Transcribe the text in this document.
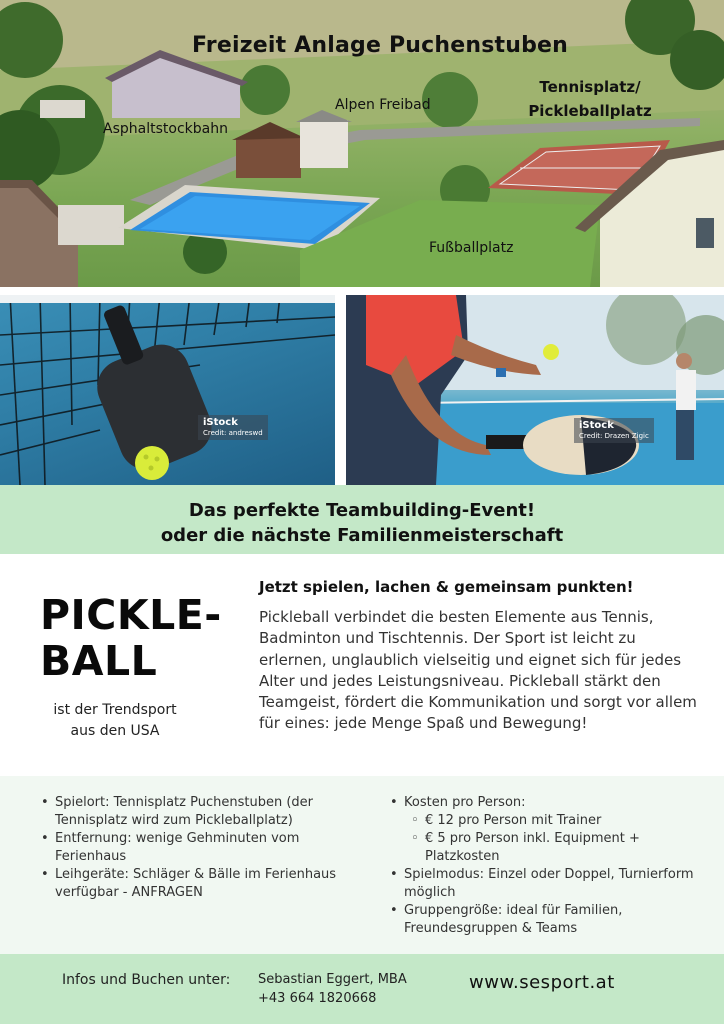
Freizeit Anlage Puchenstuben
Asphaltstockbahn
Alpen Freibad
Tennisplatz/
Pickleballplatz
Fußballplatz
iStock
Credit: andreswd
iStock
Credit: Drazen Zigic

Das perfekte Teambuilding-Event!

oder die nächste Familienmeisterschaft

PICKLE-
BALL
ist der Trendsport
aus den USA
Jetzt spielen, lachen & gemeinsam punkten!
Pickleball verbindet die besten Elemente aus Tennis, Badminton und Tischtennis. Der Sport ist leicht zu erlernen, unglaublich vielseitig und eignet sich für jedes Alter und jedes Leistungsniveau. Pickleball stärkt den Teamgeist, fördert die Kommunikation und sorgt vor allem für eines: jede Menge Spaß und Bewegung!
• Spielort: Tennisplatz Puchenstuben (der Tennisplatz wird zum Pickleballplatz)
• Entfernung: wenige Gehminuten vom Ferienhaus
• Leihgeräte: Schläger & Bälle im Ferienhaus verfügbar - ANFRAGEN
• Kosten pro Person:
◦ € 12 pro Person mit Trainer
◦ € 5 pro Person inkl. Equipment + Platzkosten
• Spielmodus: Einzel oder Doppel, Turnierform möglich
• Gruppengröße: ideal für Familien, Freundesgruppen & Teams
Infos und Buchen unter: Sebastian Eggert, MBA
+43 664 1820668
www.sesport.at
